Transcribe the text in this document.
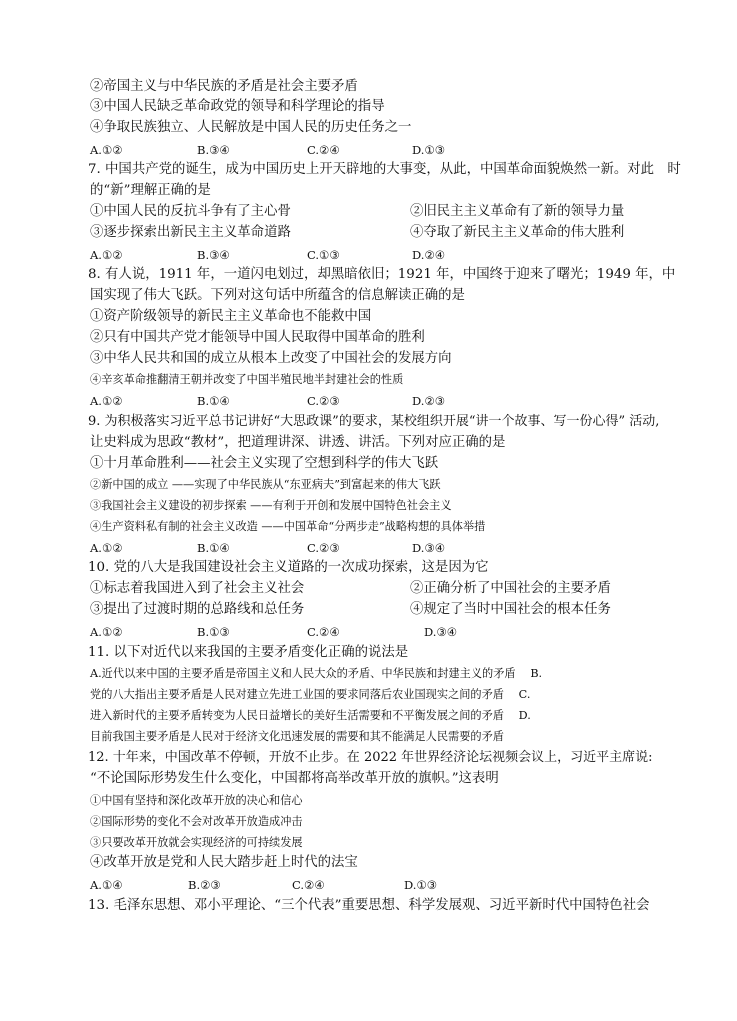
②帝国主义与中华民族的矛盾是社会主要矛盾
③中国人民缺乏革命政党的领导和科学理论的指导
④争取民族独立、人民解放是中国人民的历史任务之一
A.①②	B.③④	C.②④	D.①③
7. 中国共产党的诞生，成为中国历史上开天辟地的大事变，从此，中国革命面貌焕然一新。对此　时
的“新”理解正确的是
①中国人民的反抗斗争有了主心骨	②旧民主主义革命有了新的领导力量
③逐步探索出新民主主义革命道路	④夺取了新民主主义革命的伟大胜利
A.①②	B.③④	C.①③	D.②④
8. 有人说，1911 年，一道闪电划过，却黑暗依旧；1921 年，中国终于迎来了曙光；1949 年，中
国实现了伟大飞跃。下列对这句话中所蕴含的信息解读正确的是
①资产阶级领导的新民主主义革命也不能救中国
②只有中国共产党才能领导中国人民取得中国革命的胜利
③中华人民共和国的成立从根本上改变了中国社会的发展方向
④辛亥革命推翻清王朝并改变了中国半殖民地半封建社会的性质
A.①②	B.①④	C.②③	D.②③
9. 为积极落实习近平总书记讲好“大思政课”的要求，某校组织开展“讲一个故事、写一份心得” 活动,
让史料成为思政“教材”，把道理讲深、讲透、讲活。下列对应正确的是
①十月革命胜利——社会主义实现了空想到科学的伟大飞跃
②新中国的成立 ——实现了中华民族从“东亚病夫”到富起来的伟大飞跃
③我国社会主义建设的初步探索 ——有利于开创和发展中国特色社会主义
④生产资料私有制的社会主义改造 ——中国革命“分两步走”战略构想的具体举措
A.①②	B.①④	C.②③	D.③④
10. 党的八大是我国建设社会主义道路的一次成功探索，这是因为它
①标志着我国进入到了社会主义社会	②正确分析了中国社会的主要矛盾
③提出了过渡时期的总路线和总任务	④规定了当时中国社会的根本任务
A.①②	B.①③	C.②④	D.③④
11. 以下对近代以来我国的主要矛盾变化正确的说法是
A.近代以来中国的主要矛盾是帝国主义和人民大众的矛盾、中华民族和封建主义的矛盾　 B.
党的八大指出主要矛盾是人民对建立先进工业国的要求同落后农业国现实之间的矛盾　 C.
进入新时代的主要矛盾转变为人民日益增长的美好生活需要和不平衡发展之间的矛盾　 D.
目前我国主要矛盾是人民对于经济文化迅速发展的需要和其不能满足人民需要的矛盾
12. 十年来，中国改革不停顿，开放不止步。在 2022 年世界经济论坛视频会议上，习近平主席说:
“不论国际形势发生什么变化，中国都将高举改革开放的旗帜。”这表明
①中国有坚持和深化改革开放的决心和信心
②国际形势的变化不会对改革开放造成冲击
③只要改革开放就会实现经济的可持续发展
④改革开放是党和人民大踏步赶上时代的法宝
A.①④	B.②③	C.②④	D.①③
13. 毛泽东思想、邓小平理论、“三个代表”重要思想、科学发展观、习近平新时代中国特色社会
